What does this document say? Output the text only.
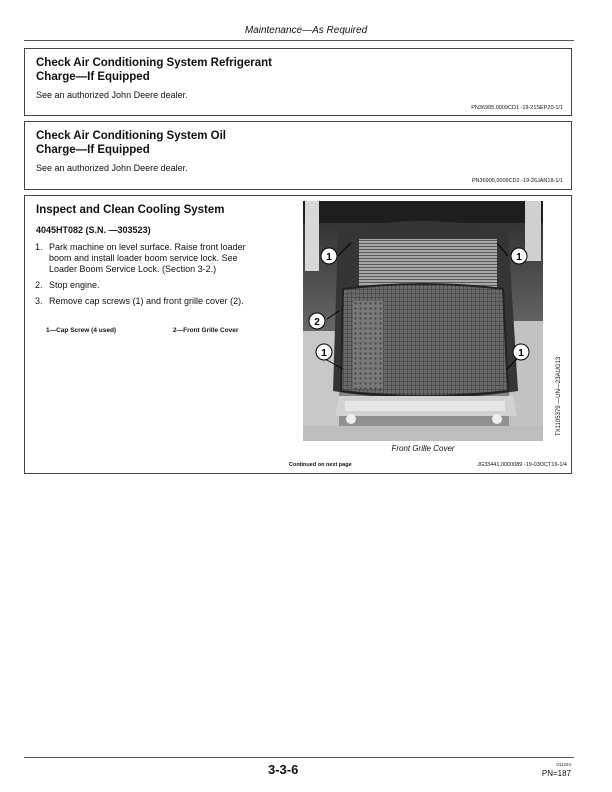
Maintenance—As Required
Check Air Conditioning System Refrigerant
Charge—If Equipped
See an authorized John Deere dealer.
PN36905,0009CD1 -19-21SEP20-1/1
Check Air Conditioning System Oil
Charge—If Equipped
See an authorized John Deere dealer.
PN36905,0009CD2 -19-26JAN18-1/1
Inspect and Clean Cooling System
4045HT082 (S.N. —303523)
1. Park machine on level surface. Raise front loader
boom and install loader boom service lock. See
Loader Boom Service Lock. (Section 3-2.)
2. Stop engine.
3. Remove cap screws (1) and front grille cover (2).
1—Cap Screw (4 used)	2—Front Grille Cover
1	1
2
1	1
TX1105379 —UN—23AUG13
Front Grille Cover
Continued on next page	JG33441,0000089 -19-03OCT16-1/4
3-3-6	011224
PN=187
